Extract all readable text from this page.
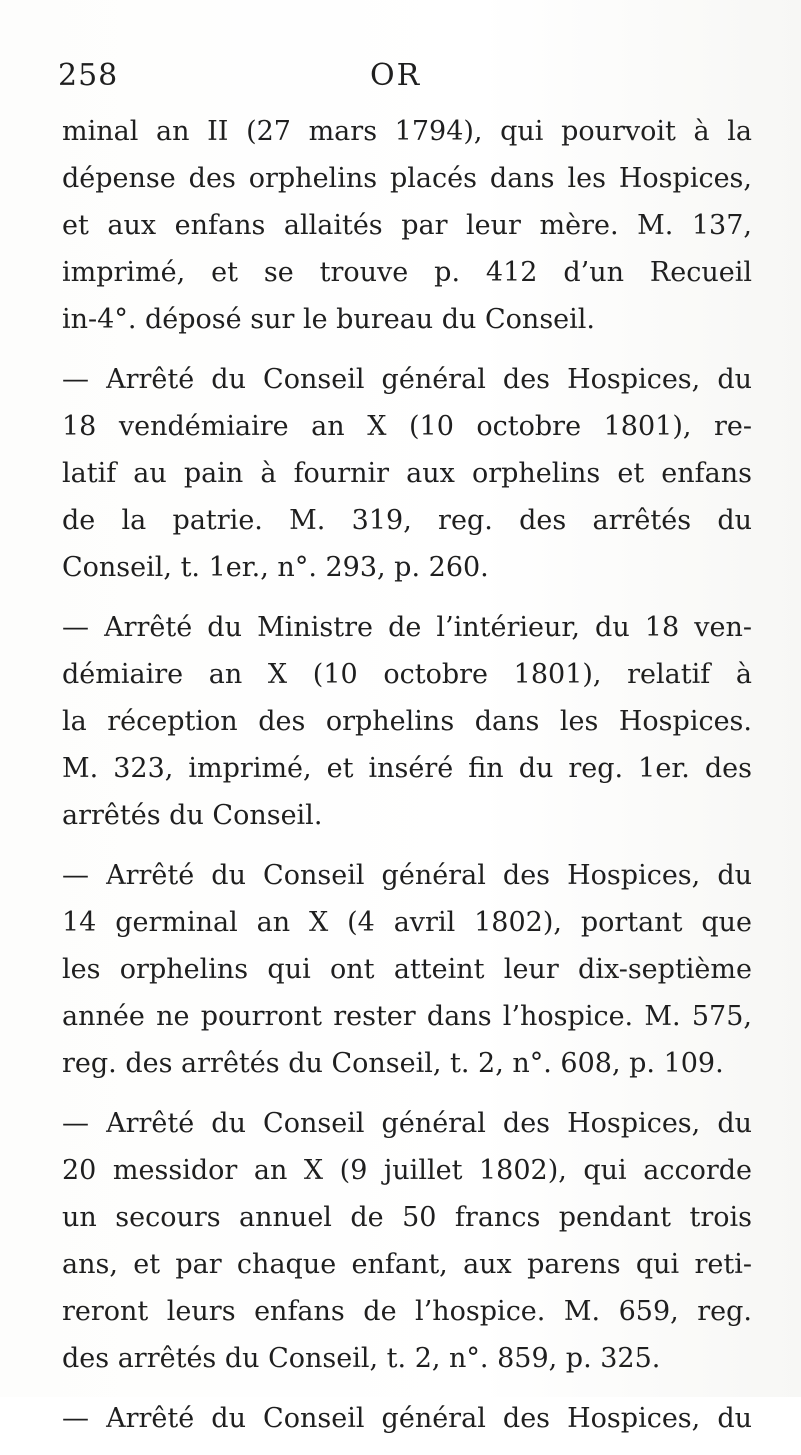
258	OR
minal an II (27 mars 1794), qui pourvoit à la
dépense des orphelins placés dans les Hospices,
et aux enfans allaités par leur mère. M. 137,
imprimé, et se trouve p. 412 d’un Recueil
in-4°. déposé sur le bureau du Conseil.
— Arrêté du Conseil général des Hospices, du
18 vendémiaire an X (10 octobre 1801), re-
latif au pain à fournir aux orphelins et enfans
de la patrie. M. 319, reg. des arrêtés du
Conseil, t. 1er., n°. 293, p. 260.
— Arrêté du Ministre de l’intérieur, du 18 ven-
démiaire an X (10 octobre 1801), relatif à
la réception des orphelins dans les Hospices.
M. 323, imprimé, et inséré fin du reg. 1er. des
arrêtés du Conseil.
— Arrêté du Conseil général des Hospices, du
14 germinal an X (4 avril 1802), portant que
les orphelins qui ont atteint leur dix-septième
année ne pourront rester dans l’hospice. M. 575,
reg. des arrêtés du Conseil, t. 2, n°. 608, p. 109.
— Arrêté du Conseil général des Hospices, du
20 messidor an X (9 juillet 1802), qui accorde
un secours annuel de 50 francs pendant trois
ans, et par chaque enfant, aux parens qui reti-
reront leurs enfans de l’hospice. M. 659, reg.
des arrêtés du Conseil, t. 2, n°. 859, p. 325.
— Arrêté du Conseil général des Hospices, du
